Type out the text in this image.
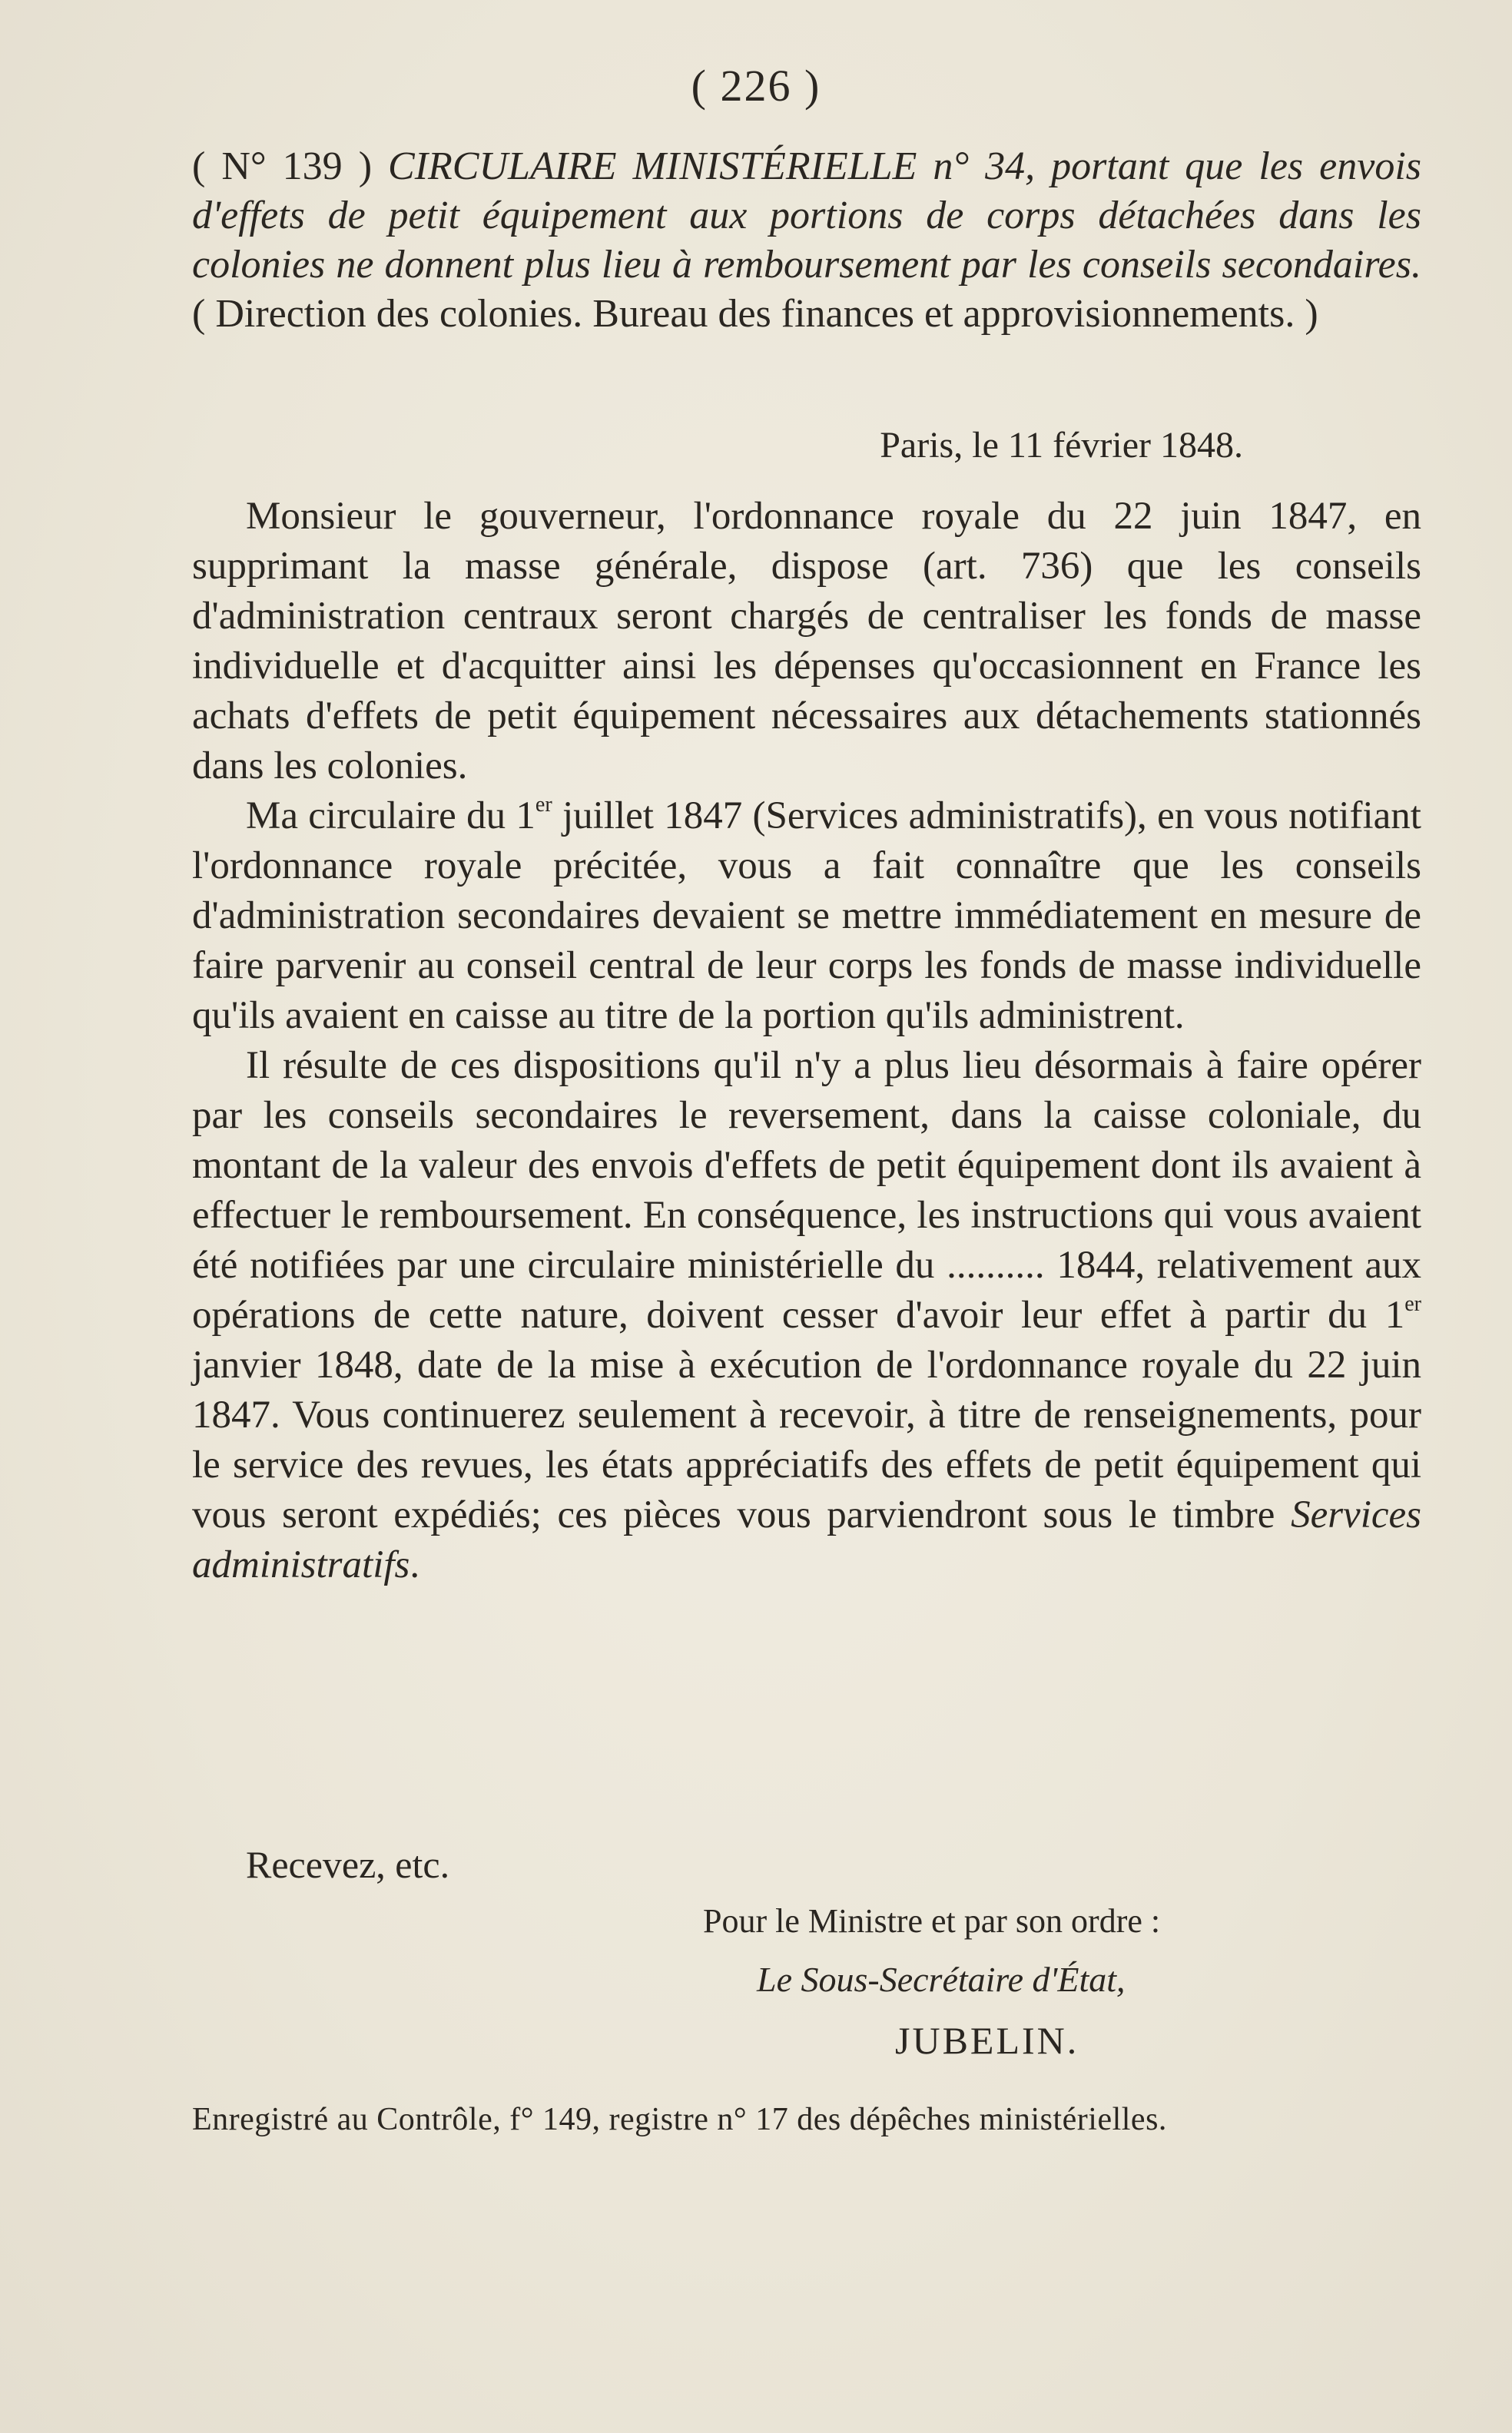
( 226 )
( N° 139 ) CIRCULAIRE MINISTÉRIELLE n° 34, portant que les envois d'effets de petit équipement aux portions de corps détachées dans les colonies ne donnent plus lieu à remboursement par les conseils secondaires. ( Direction des colonies. Bureau des finances et approvisionnements. )
Paris, le 11 février 1848.

Monsieur le gouverneur, l'ordonnance royale du 22 juin 1847, en supprimant la masse générale, dispose (art. 736) que les conseils d'administration centraux seront chargés de centraliser les fonds de masse individuelle et d'acquitter ainsi les dépenses qu'occasionnent en France les achats d'effets de petit équipement nécessaires aux détachements stationnés dans les colonies.

Ma circulaire du 1er juillet 1847 (Services administratifs), en vous notifiant l'ordonnance royale précitée, vous a fait connaître que les conseils d'administration secondaires devaient se mettre immédiatement en mesure de faire parvenir au conseil central de leur corps les fonds de masse individuelle qu'ils avaient en caisse au titre de la portion qu'ils administrent.

Il résulte de ces dispositions qu'il n'y a plus lieu désormais à faire opérer par les conseils secondaires le reversement, dans la caisse coloniale, du montant de la valeur des envois d'effets de petit équipement dont ils avaient à effectuer le remboursement. En conséquence, les instructions qui vous avaient été notifiées par une circulaire ministérielle du .......... 1844, relativement aux opérations de cette nature, doivent cesser d'avoir leur effet à partir du 1er janvier 1848, date de la mise à exécution de l'ordonnance royale du 22 juin 1847. Vous continuerez seulement à recevoir, à titre de renseignements, pour le service des revues, les états appréciatifs des effets de petit équipement qui vous seront expédiés; ces pièces vous parviendront sous le timbre Services administratifs.

Recevez, etc.
Pour le Ministre et par son ordre :
Le Sous-Secrétaire d'État,
JUBELIN.
Enregistré au Contrôle, f° 149, registre n° 17 des dépêches ministérielles.
